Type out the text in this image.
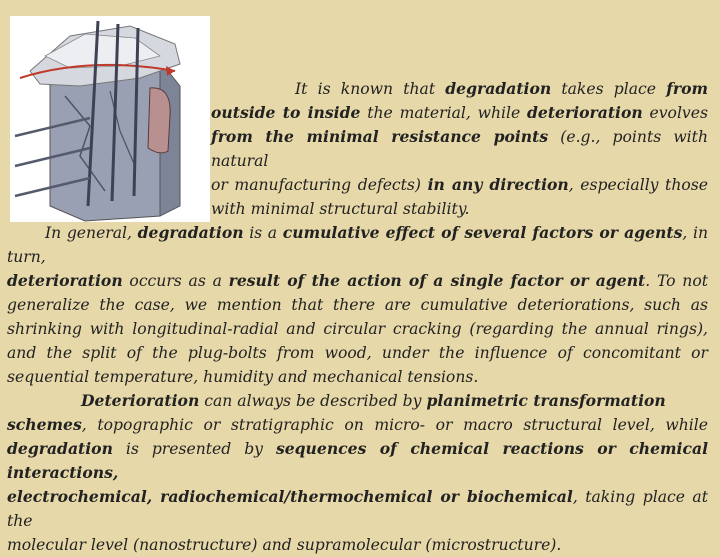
It is known that degradation takes place from
outside to inside the material, while deterioration evolves
from the minimal resistance points (e.g., points with natural
or manufacturing defects) in any direction, especially those
with minimal structural stability.

In general, degradation is a cumulative effect of several factors or agents, in turn,
deterioration occurs as a result of the action of a single factor or agent. To not
generalize the case, we mention that there are cumulative deteriorations, such as
shrinking with longitudinal-radial and circular cracking (regarding the annual rings),
and the split of the plug-bolts from wood, under the influence of concomitant or
sequential temperature, humidity and mechanical tensions.

Deterioration can always be described by planimetric transformation
schemes, topographic or stratigraphic on micro- or macro structural level, while
degradation is presented by sequences of chemical reactions or chemical interactions,
electrochemical, radiochemical/thermochemical or biochemical, taking place at the
molecular level (nanostructure) and supramolecular (microstructure).
